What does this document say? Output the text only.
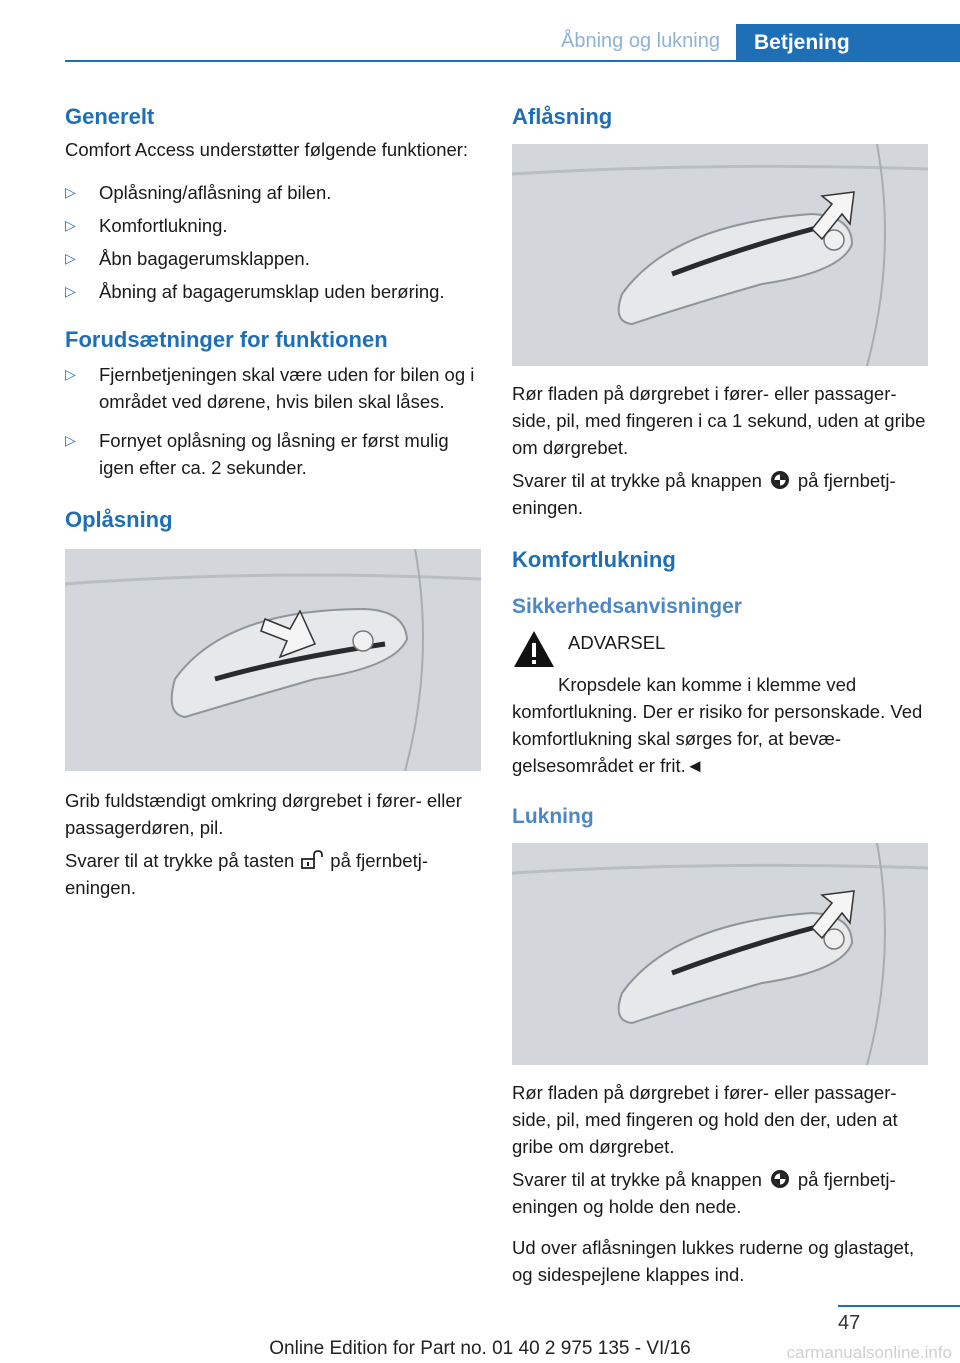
Åbning og lukning	Betjening
Generelt

Comfort Access understøtter følgende funktioner:

▷ Oplåsning/aflåsning af bilen.
▷ Komfortlukning.
▷ Åbn bagagerumsklappen.
▷ Åbning af bagagerumsklap uden berøring.
Forudsætninger for funktionen
▷ Fjernbetjeningen skal være uden for bilen og i området ved dørene, hvis bilen skal låses.
▷ Fornyet oplåsning og låsning er først mulig igen efter ca. 2 sekunder.
Oplåsning

Grib fuldstændigt omkring dørgrebet i fører- eller passagerdøren, pil.

Svarer til at trykke på tasten på fjernbetjeningen.

Aflåsning

Rør fladen på dørgrebet i fører- eller passagerside, pil, med fingeren i ca 1 sekund, uden at gribe om dørgrebet.

Svarer til at trykke på knappen på fjernbetjeningen.

Komfortlukning
Sikkerhedsanvisninger

ADVARSEL

Kropsdele kan komme i klemme ved komfortlukning. Der er risiko for personskade. Ved komfortlukning skal sørges for, at bevægelsesområdet er frit.◄

Lukning

Rør fladen på dørgrebet i fører- eller passagerside, pil, med fingeren og hold den der, uden at gribe om dørgrebet.

Svarer til at trykke på knappen på fjernbetjeningen og holde den nede.

Ud over aflåsningen lukkes ruderne og glastaget, og sidespejlene klappes ind.

47
Online Edition for Part no. 01 40 2 975 135 - VI/16	carmanualsonline.info
